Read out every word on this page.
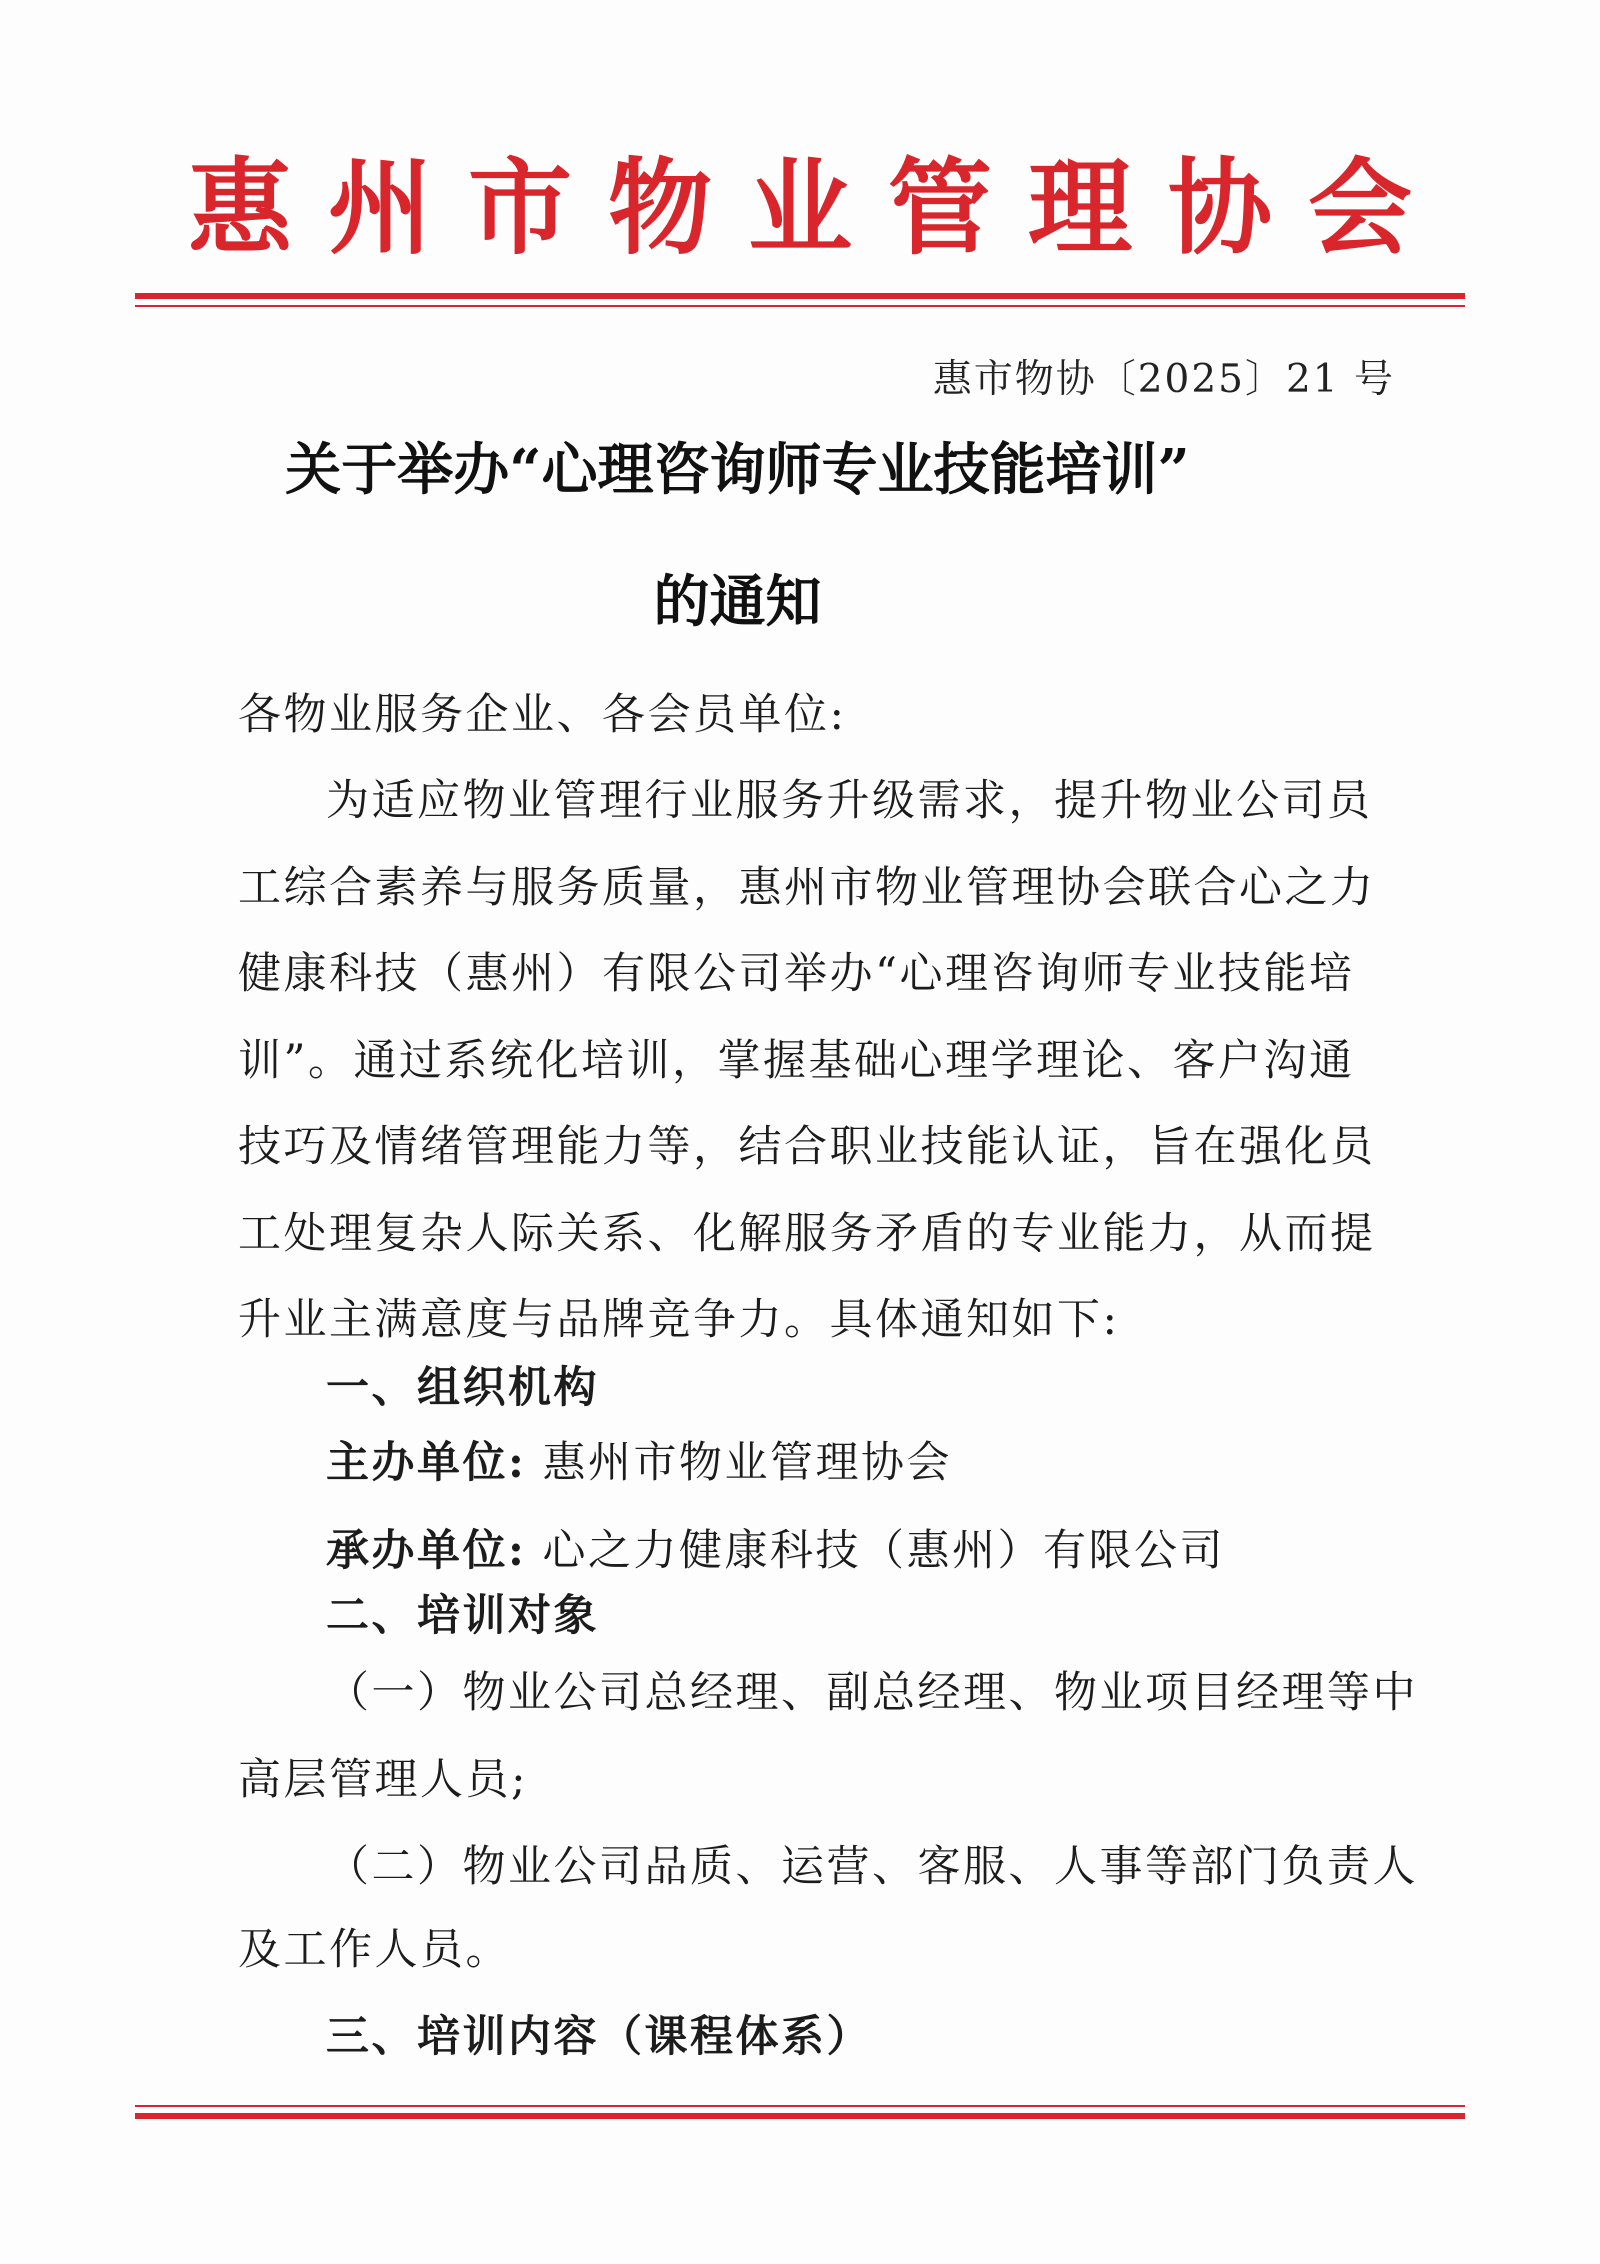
惠州市物业管理协会
惠市物协〔2025〕21 号
关于举办“心理咨询师专业技能培训”
的通知
各物业服务企业、各会员单位:
为适应物业管理行业服务升级需求，提升物业公司员工综合素养与服务质量，惠州市物业管理协会联合心之力健康科技（惠州）有限公司举办“心理咨询师专业技能培训”。通过系统化培训，掌握基础心理学理论、客户沟通技巧及情绪管理能力等，结合职业技能认证，旨在强化员工处理复杂人际关系、化解服务矛盾的专业能力，从而提升业主满意度与品牌竞争力。具体通知如下:
一、组织机构
主办单位: 惠州市物业管理协会
承办单位: 心之力健康科技（惠州）有限公司
二、培训对象
（一）物业公司总经理、副总经理、物业项目经理等中
高层管理人员;
（二）物业公司品质、运营、客服、人事等部门负责人
及工作人员。
三、培训内容（课程体系）
